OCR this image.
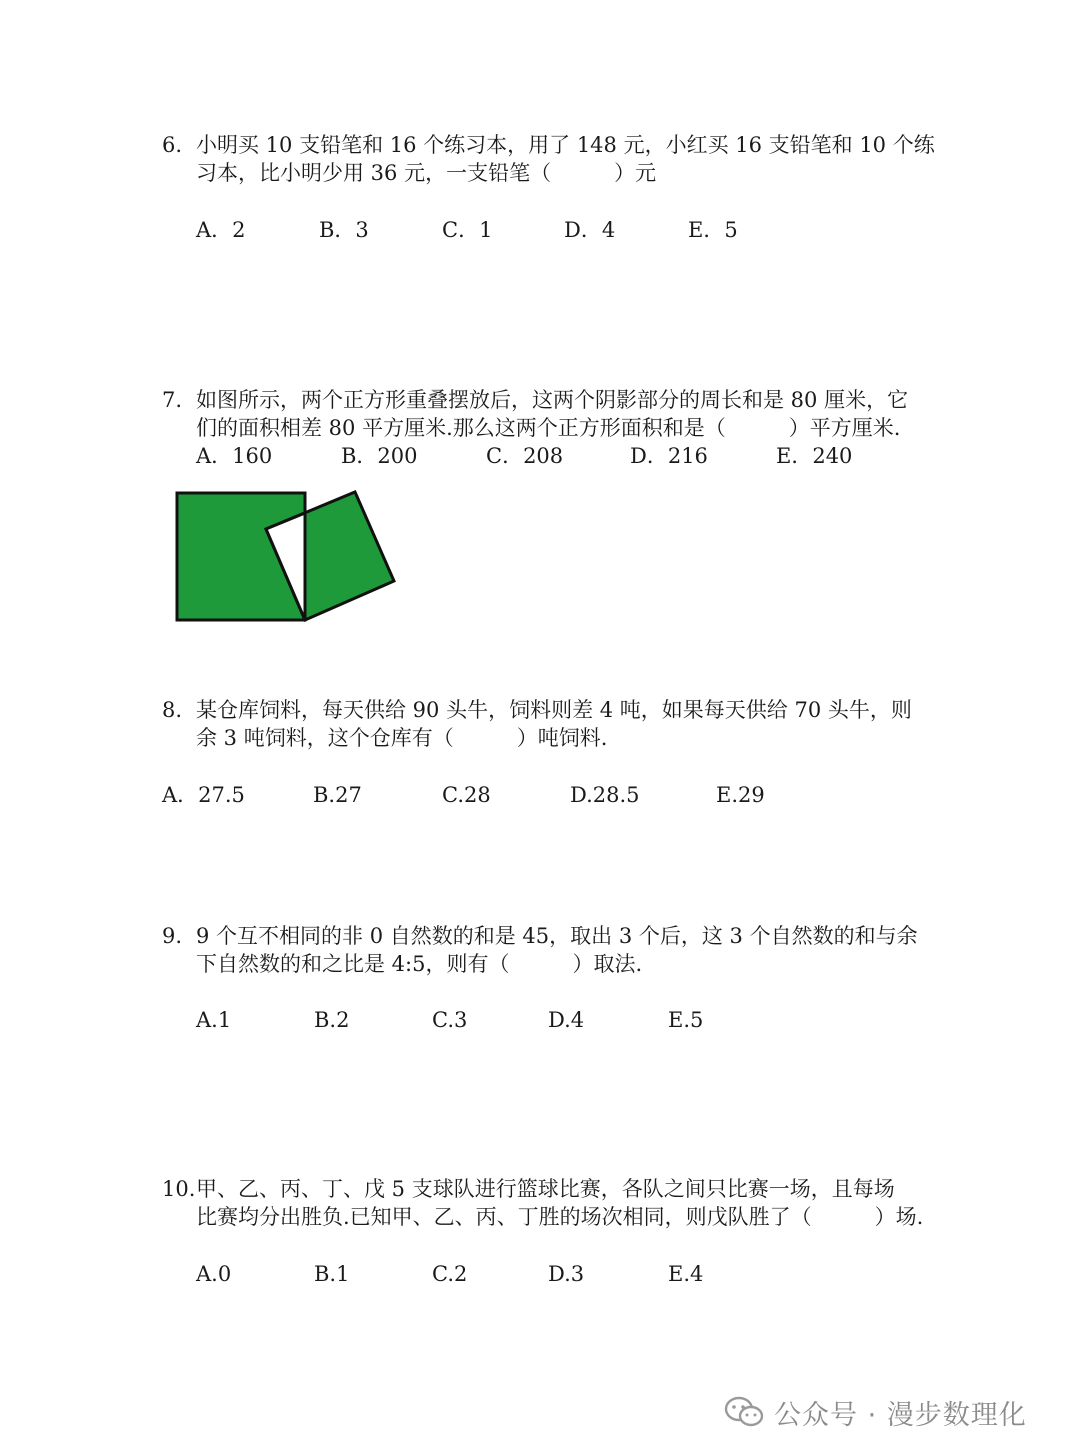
6. 小明买 10 支铅笔和 16 个练习本，用了 148 元，小红买 16 支铅笔和 10 个练
习本，比小明少用 36 元，一支铅笔（　　　）元
A．2	B．3	C．1	D．4	E．5
7. 如图所示，两个正方形重叠摆放后，这两个阴影部分的周长和是 80 厘米，它
们的面积相差 80 平方厘米.那么这两个正方形面积和是（　　　）平方厘米.
A．160	B．200	C．208	D．216	E．240
8. 某仓库饲料，每天供给 90 头牛，饲料则差 4 吨，如果每天供给 70 头牛，则
余 3 吨饲料，这个仓库有（　　　）吨饲料.
A．27.5	B.27	C.28	D.28.5	E.29
9. 9 个互不相同的非 0 自然数的和是 45，取出 3 个后，这 3 个自然数的和与余
下自然数的和之比是 4:5，则有（　　　）取法.
A.1	B.2	C.3	D.4	E.5
10. 甲、乙、丙、丁、戊 5 支球队进行篮球比赛，各队之间只比赛一场，且每场
比赛均分出胜负.已知甲、乙、丙、丁胜的场次相同，则戊队胜了（　　　）场.
A.0	B.1	C.2	D.3	E.4
公众号 · 漫步数理化
